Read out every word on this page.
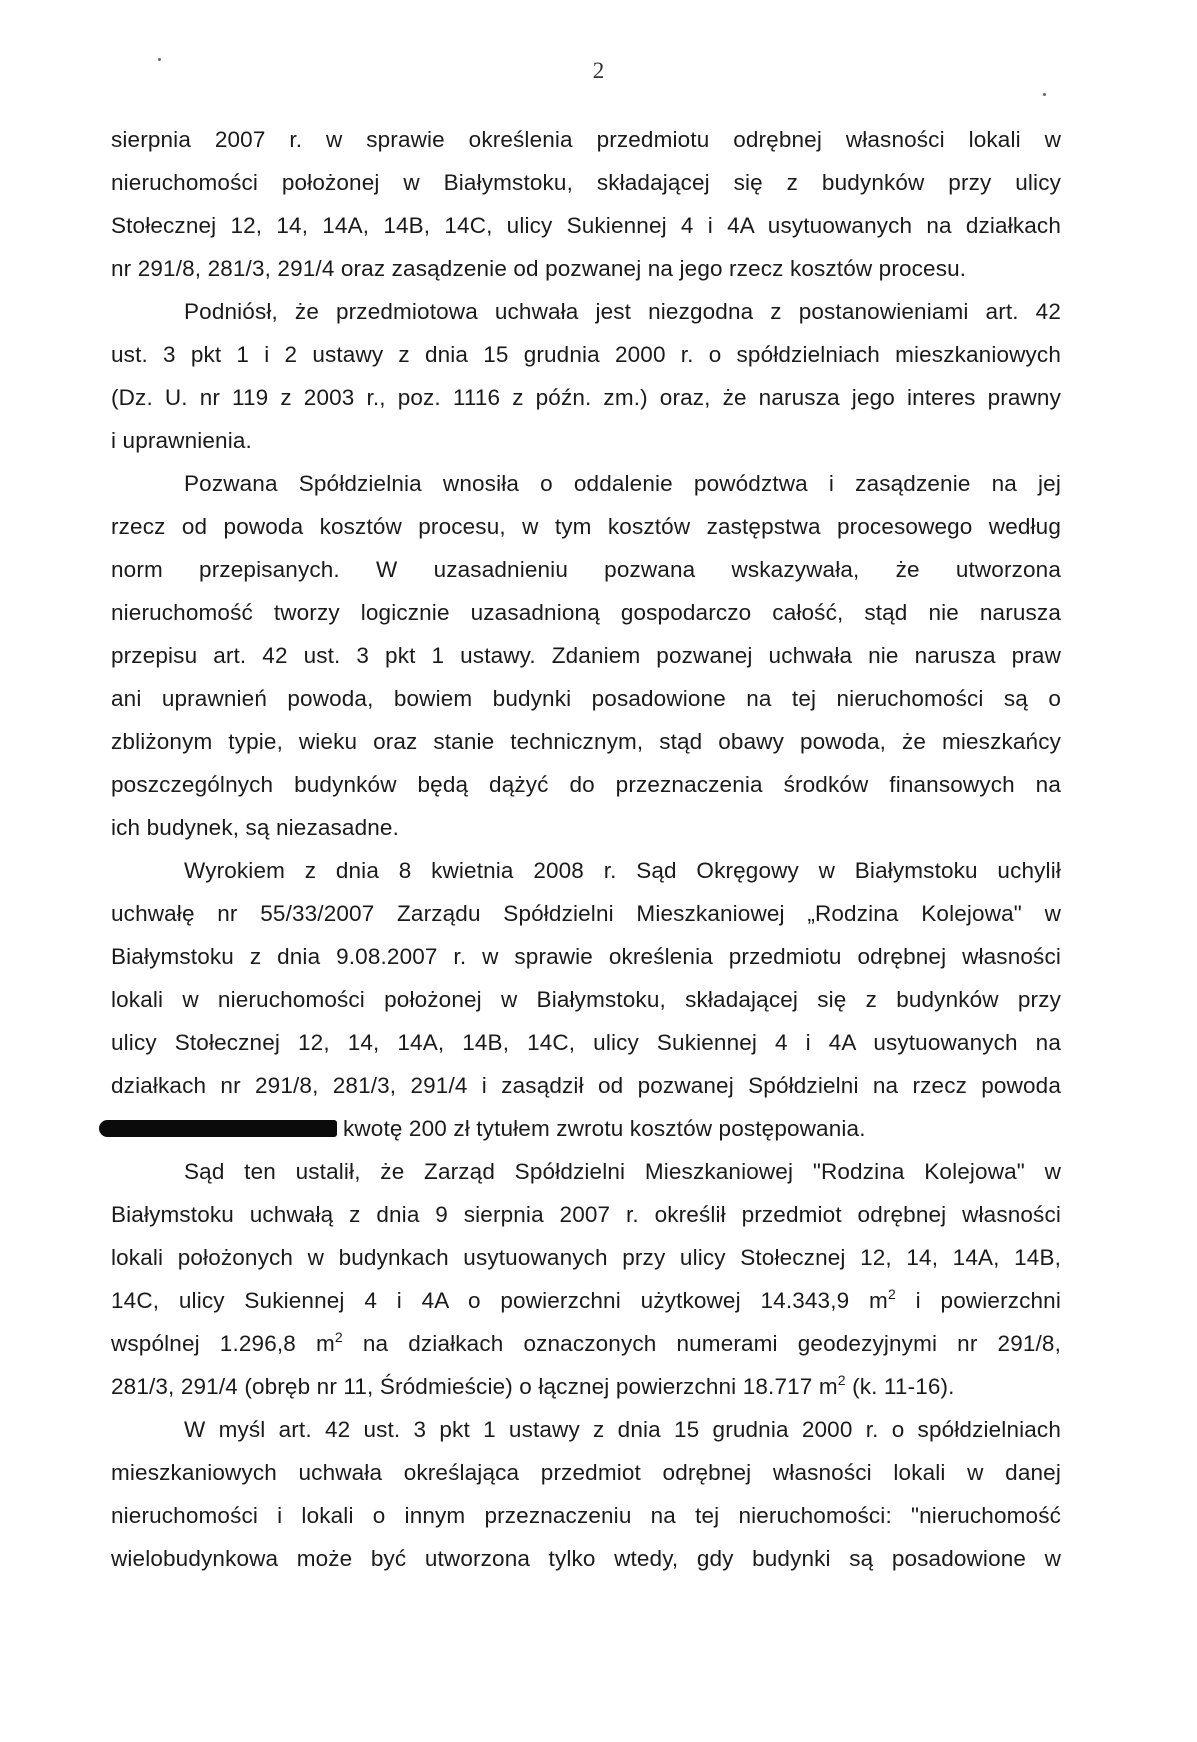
2
sierpnia 2007 r. w sprawie określenia przedmiotu odrębnej własności lokali w
nieruchomości położonej w Białymstoku, składającej się z budynków przy ulicy
Stołecznej 12, 14, 14A, 14B, 14C, ulicy Sukiennej 4 i 4A usytuowanych na działkach
nr 291/8, 281/3, 291/4 oraz zasądzenie od pozwanej na jego rzecz kosztów procesu.
Podniósł, że przedmiotowa uchwała jest niezgodna z postanowieniami art. 42
ust. 3 pkt 1 i 2 ustawy z dnia 15 grudnia 2000 r. o spółdzielniach mieszkaniowych
(Dz. U. nr 119 z 2003 r., poz. 1116 z późn. zm.) oraz, że narusza jego interes prawny
i uprawnienia.
Pozwana Spółdzielnia wnosiła o oddalenie powództwa i zasądzenie na jej
rzecz od powoda kosztów procesu, w tym kosztów zastępstwa procesowego według
norm przepisanych. W uzasadnieniu pozwana wskazywała, że utworzona
nieruchomość tworzy logicznie uzasadnioną gospodarczo całość, stąd nie narusza
przepisu art. 42 ust. 3 pkt 1 ustawy. Zdaniem pozwanej uchwała nie narusza praw
ani uprawnień powoda, bowiem budynki posadowione na tej nieruchomości są o
zbliżonym typie, wieku oraz stanie technicznym, stąd obawy powoda, że mieszkańcy
poszczególnych budynków będą dążyć do przeznaczenia środków finansowych na
ich budynek, są niezasadne.
Wyrokiem z dnia 8 kwietnia 2008 r. Sąd Okręgowy w Białymstoku uchylił
uchwałę nr 55/33/2007 Zarządu Spółdzielni Mieszkaniowej „Rodzina Kolejowa" w
Białymstoku z dnia 9.08.2007 r. w sprawie określenia przedmiotu odrębnej własności
lokali w nieruchomości położonej w Białymstoku, składającej się z budynków przy
ulicy Stołecznej 12, 14, 14A, 14B, 14C, ulicy Sukiennej 4 i 4A usytuowanych na
działkach nr 291/8, 281/3, 291/4 i zasądził od pozwanej Spółdzielni na rzecz powoda
kwotę 200 zł tytułem zwrotu kosztów postępowania.
Sąd ten ustalił, że Zarząd Spółdzielni Mieszkaniowej "Rodzina Kolejowa" w
Białymstoku uchwałą z dnia 9 sierpnia 2007 r. określił przedmiot odrębnej własności
lokali położonych w budynkach usytuowanych przy ulicy Stołecznej 12, 14, 14A, 14B,
14C, ulicy Sukiennej 4 i 4A o powierzchni użytkowej 14.343,9 $m^2$ i powierzchni
wspólnej 1.296,8 $m^2$ na działkach oznaczonych numerami geodezyjnymi nr 291/8,
281/3, 291/4 (obręb nr 11, Śródmieście) o łącznej powierzchni 18.717 $m^2$ (k. 11-16).
W myśl art. 42 ust. 3 pkt 1 ustawy z dnia 15 grudnia 2000 r. o spółdzielniach
mieszkaniowych uchwała określająca przedmiot odrębnej własności lokali w danej
nieruchomości i lokali o innym przeznaczeniu na tej nieruchomości: "nieruchomość
wielobudynkowa może być utworzona tylko wtedy, gdy budynki są posadowione w
